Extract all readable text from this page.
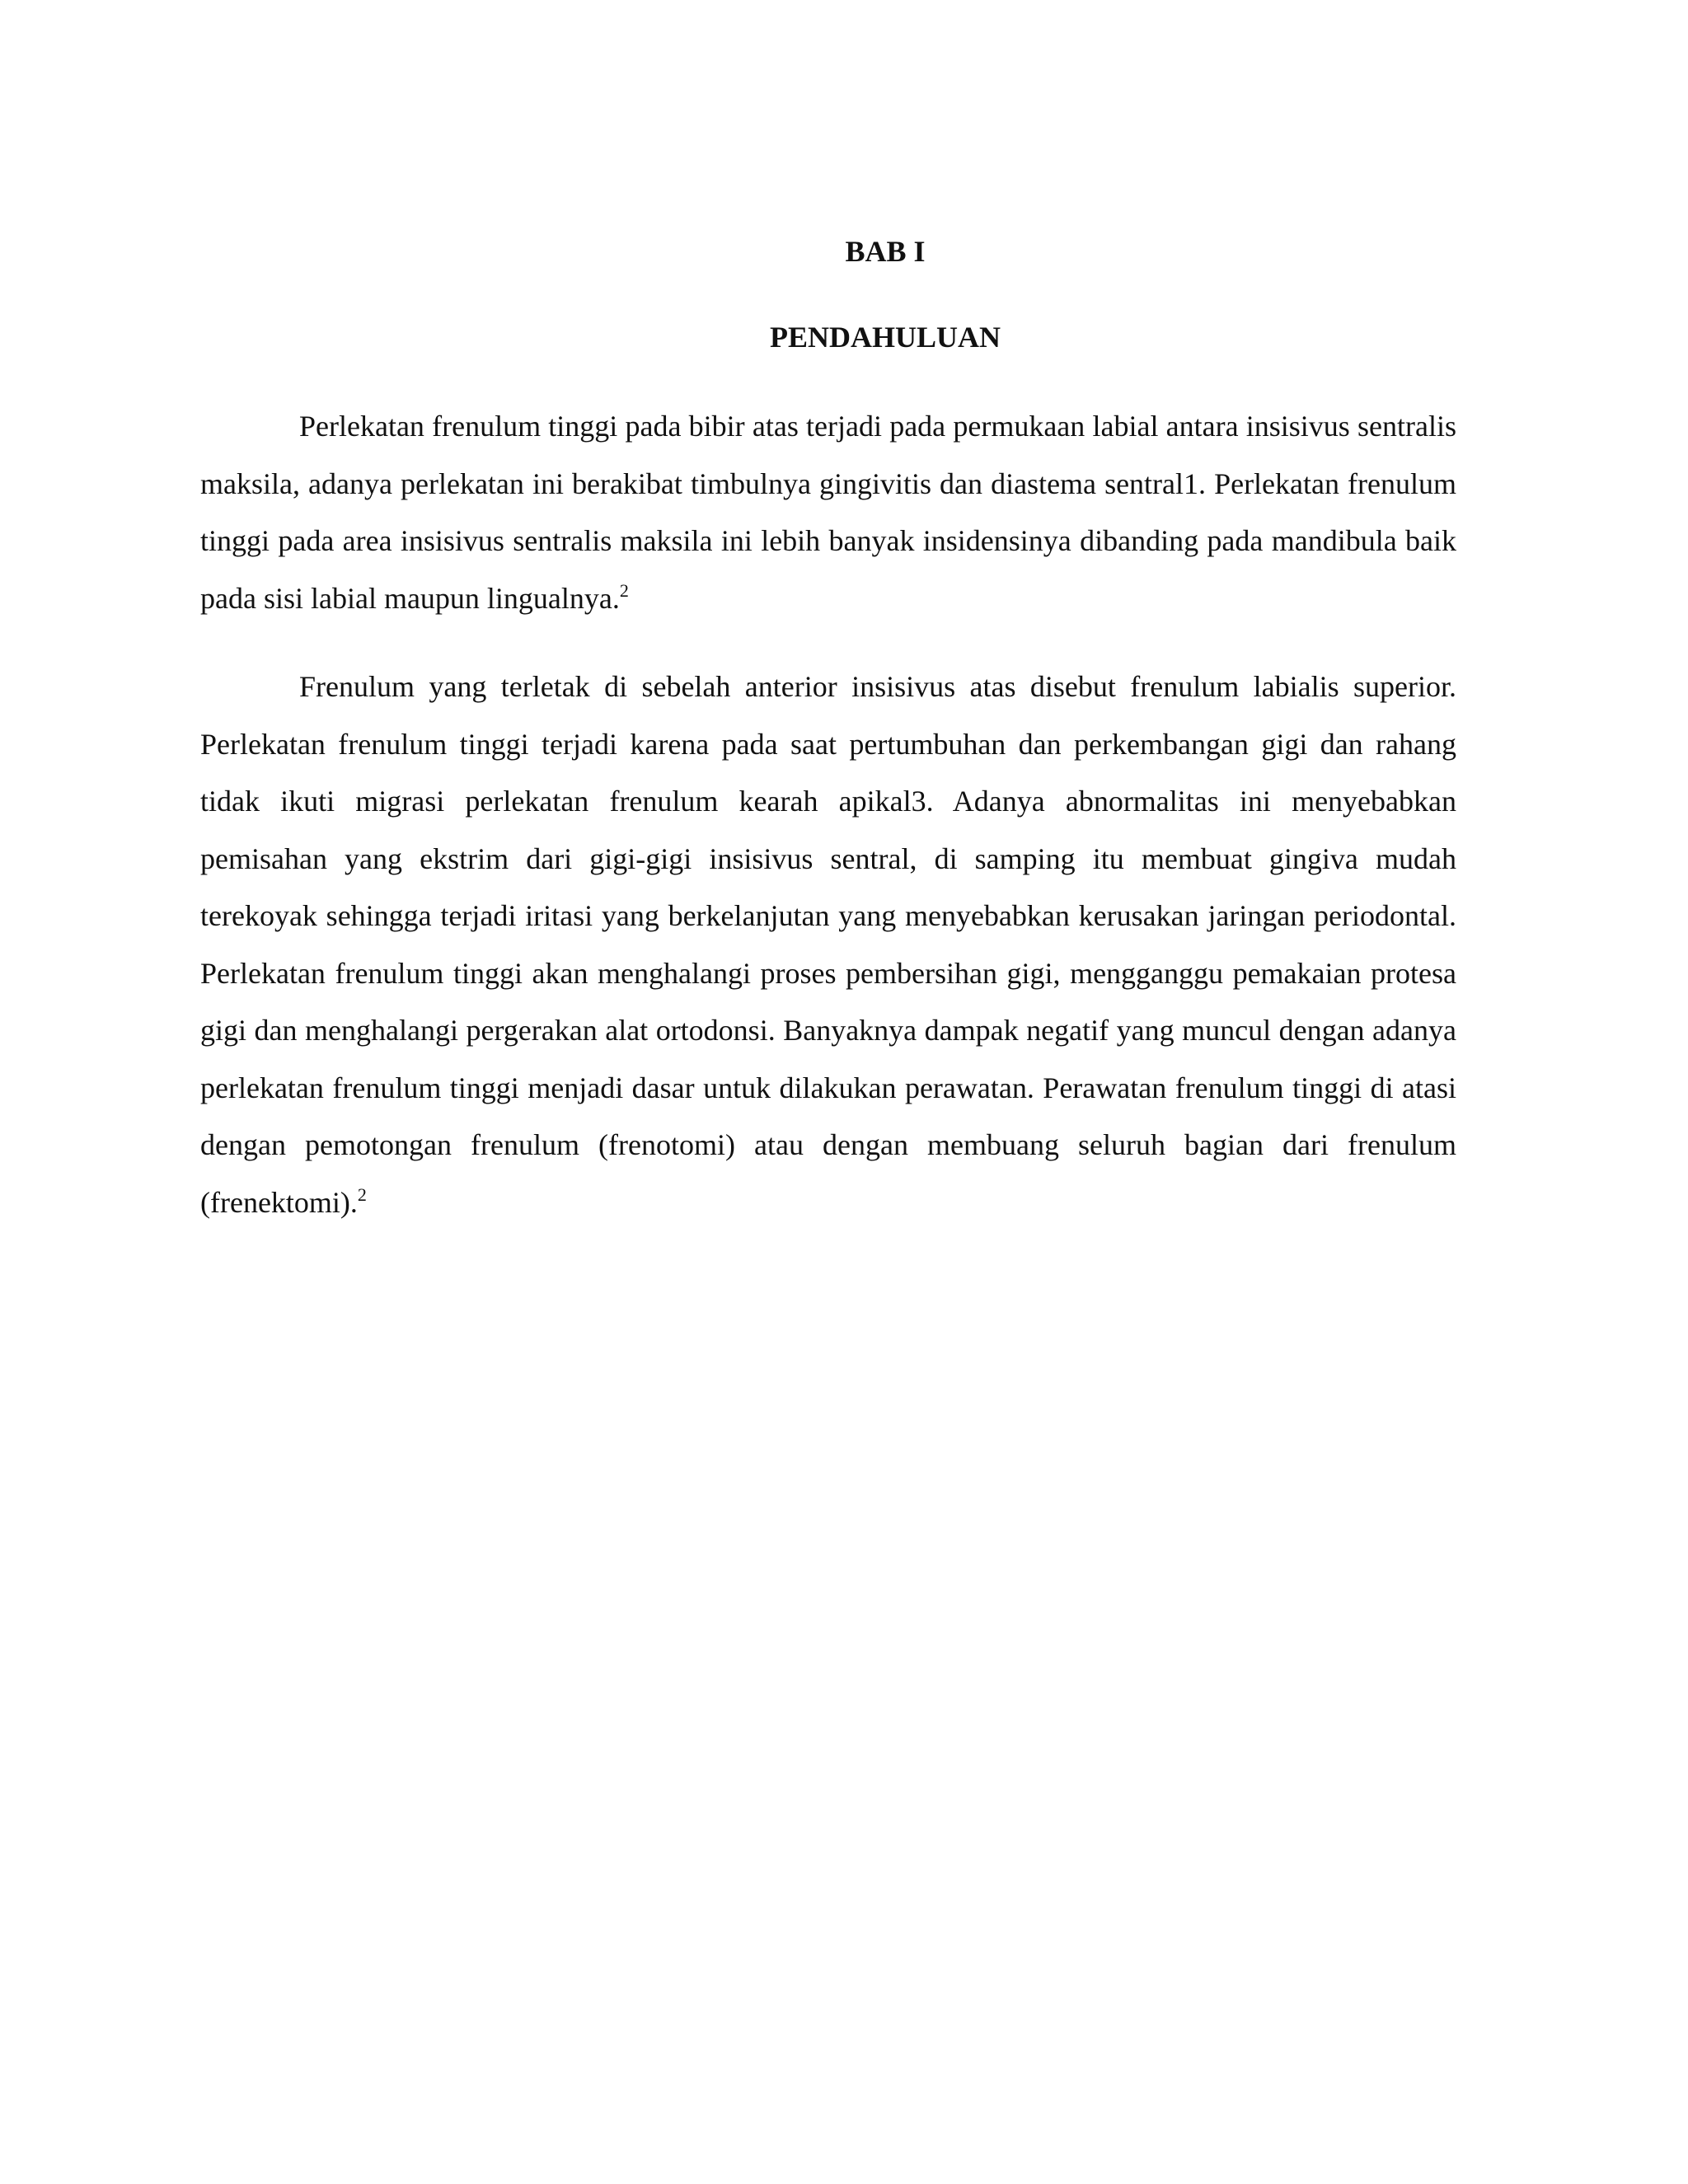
BAB I
PENDAHULUAN

Perlekatan frenulum tinggi pada bibir atas terjadi pada permukaan labial antara insisivus sentralis maksila, adanya perlekatan ini berakibat timbulnya gingivitis dan diastema sentral1. Perlekatan frenulum tinggi pada area insisivus sentralis maksila ini lebih banyak insidensinya dibanding pada mandibula baik pada sisi labial maupun lingualnya.$^2$

Frenulum yang terletak di sebelah anterior insisivus atas disebut frenulum labialis superior. Perlekatan frenulum tinggi terjadi karena pada saat pertumbuhan dan perkembangan gigi dan rahang tidak ikuti migrasi perlekatan frenulum kearah apikal3. Adanya abnormalitas ini menyebabkan pemisahan yang ekstrim dari gigi-gigi insisivus sentral, di samping itu membuat gingiva mudah terekoyak sehingga terjadi iritasi yang berkelanjutan yang menyebabkan kerusakan jaringan periodontal. Perlekatan frenulum tinggi akan menghalangi proses pembersihan gigi, mengganggu pemakaian protesa gigi dan menghalangi pergerakan alat ortodonsi. Banyaknya dampak negatif yang muncul dengan adanya perlekatan frenulum tinggi menjadi dasar untuk dilakukan perawatan. Perawatan frenulum tinggi di atasi dengan pemotongan frenulum (frenotomi) atau dengan membuang seluruh bagian dari frenulum (frenektomi).$^2$
